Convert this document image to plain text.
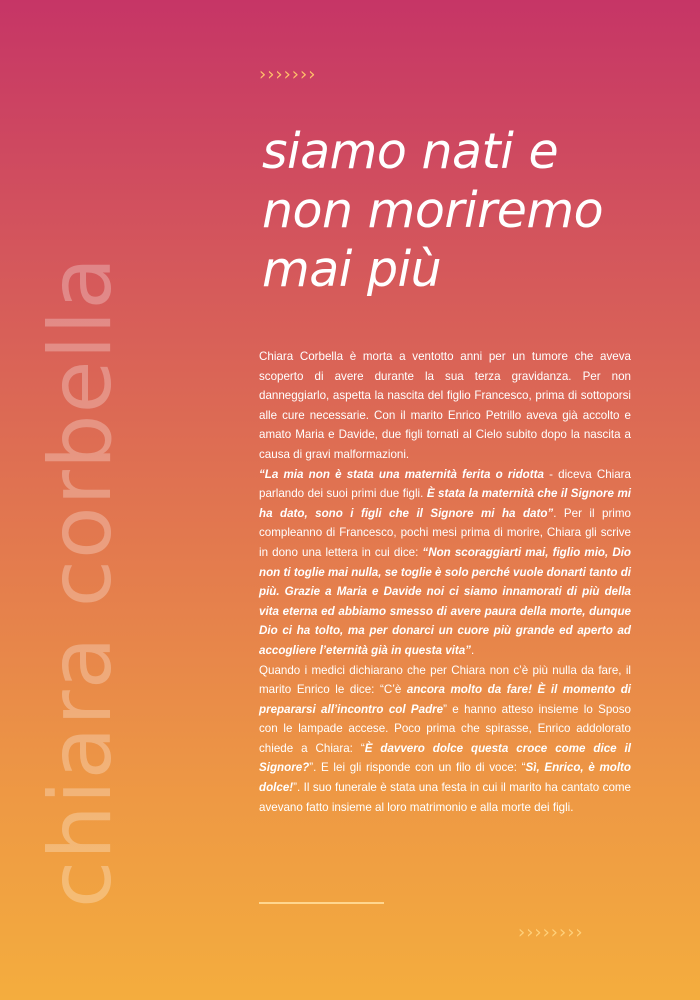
›››››››
chiara corbella
siamo nati e
non moriremo
mai più

Chiara Corbella è morta a ventotto anni per un tumore che aveva scoperto di avere durante la sua terza gravidanza. Per non danneggiarlo, aspetta la nascita del figlio Francesco, prima di sottoporsi alle cure necessarie. Con il marito Enrico Petrillo aveva già accolto e amato Maria e Davide, due figli tornati al Cielo subito dopo la nascita a causa di gravi malformazioni.
“La mia non è stata una maternità ferita o ridotta - diceva Chiara parlando dei suoi primi due figli. È stata la maternità che il Signore mi ha dato, sono i figli che il Signore mi ha dato”. Per il primo compleanno di Francesco, pochi mesi prima di morire, Chiara gli scrive in dono una lettera in cui dice: “Non scoraggiarti mai, figlio mio, Dio non ti toglie mai nulla, se toglie è solo perché vuole donarti tanto di più. Grazie a Maria e Davide noi ci siamo innamorati di più della vita eterna ed abbiamo smesso di avere paura della morte, dunque Dio ci ha tolto, ma per donarci un cuore più grande ed aperto ad accogliere l’eternità già in questa vita”.
Quando i medici dichiarano che per Chiara non c’è più nulla da fare, il marito Enrico le dice: “C’è ancora molto da fare! È il momento di prepararsi all’incontro col Padre” e hanno atteso insieme lo Sposo con le lampade accese. Poco prima che spirasse, Enrico addolorato chiede a Chiara: “È davvero dolce questa croce come dice il Signore?”. E lei gli risponde con un filo di voce: “Sì, Enrico, è molto dolce!”. Il suo funerale è stata una festa in cui il marito ha cantato come avevano fatto insieme al loro matrimonio e alla morte dei figli.

››››››››
